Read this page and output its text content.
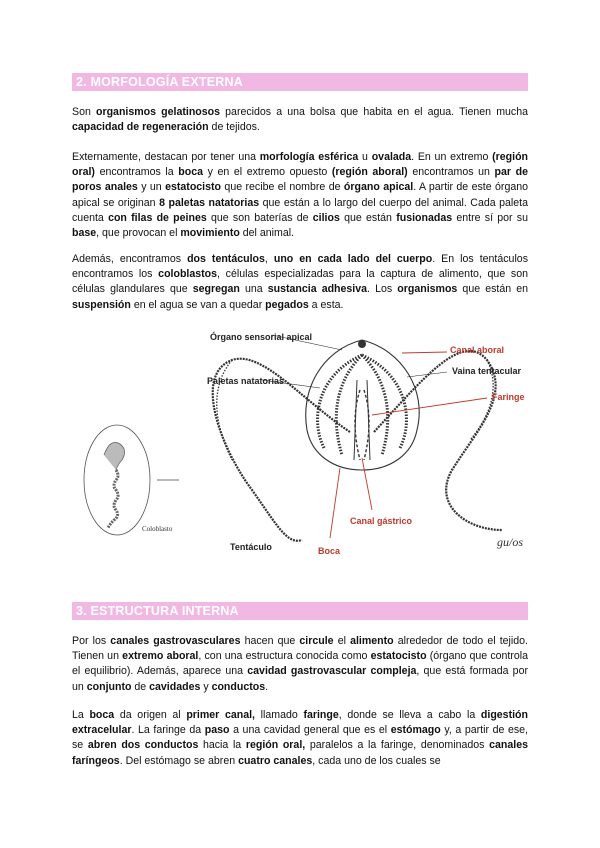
2. MORFOLOGÍA EXTERNA

Son organismos gelatinosos parecidos a una bolsa que habita en el agua. Tienen mucha capacidad de regeneración de tejidos.

Externamente, destacan por tener una morfología esférica u ovalada. En un extremo (región oral) encontramos la boca y en el extremo opuesto (región aboral) encontramos un par de poros anales y un estatocisto que recibe el nombre de órgano apical. A partir de este órgano apical se originan 8 paletas natatorias que están a lo largo del cuerpo del animal. Cada paleta cuenta con filas de peines que son baterías de cilios que están fusionadas entre sí por su base, que provocan el movimiento del animal.

Además, encontramos dos tentáculos, uno en cada lado del cuerpo. En los tentáculos encontramos los coloblastos, células especializadas para la captura de alimento, que son células glandulares que segregan una sustancia adhesiva. Los organismos que están en suspensión en el agua se van a quedar pegados a esta.

Órgano sensorial apical
Paletas natatorias
Canal aboral
Vaina tentacular
Faringe
Canal gástrico
Tentáculo	Boca
Coloblasto
gu/os
3. ESTRUCTURA INTERNA

Por los canales gastrovasculares hacen que circule el alimento alrededor de todo el tejido. Tienen un extremo aboral, con una estructura conocida como estatocisto (órgano que controla el equilibrio). Además, aparece una cavidad gastrovascular compleja, que está formada por un conjunto de cavidades y conductos.

La boca da origen al primer canal, llamado faringe, donde se lleva a cabo la digestión extracelular. La faringe da paso a una cavidad general que es el estómago y, a partir de ese, se abren dos conductos hacia la región oral, paralelos a la faringe, denominados canales faríngeos. Del estómago se abren cuatro canales, cada uno de los cuales se
